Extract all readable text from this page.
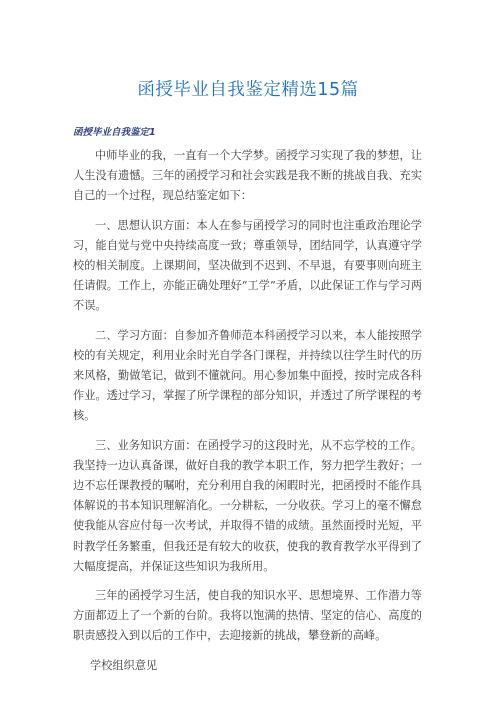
函授毕业自我鉴定精选15篇
函授毕业自我鉴定1

中师毕业的我，一直有一个大学梦。函授学习实现了我的梦想，让人生没有遗憾。三年的函授学习和社会实践是我不断的挑战自我、充实自己的一个过程，现总结鉴定如下：

一、思想认识方面：本人在参与函授学习的同时也注重政治理论学习，能自觉与党中央持续高度一致；尊重领导，团结同学，认真遵守学校的相关制度。上课期间，坚决做到不迟到、不早退，有要事则向班主任请假。工作上，亦能正确处理好“工学”矛盾，以此保证工作与学习两不误。

二、学习方面：自参加齐鲁师范本科函授学习以来，本人能按照学校的有关规定，利用业余时光自学各门课程，并持续以往学生时代的历来风格，勤做笔记，做到不懂就问。用心参加集中面授，按时完成各科作业。透过学习，掌握了所学课程的部分知识，并透过了所学课程的考核。

三、业务知识方面：在函授学习的这段时光，从不忘学校的工作。我坚持一边认真备课，做好自我的教学本职工作，努力把学生教好；一边不忘任课教授的嘱咐，充分利用自我的闲暇时光，把函授时不能作具体解说的书本知识理解消化。一分耕耘，一分收获。学习上的毫不懈怠使我能从容应付每一次考试，并取得不错的成绩。虽然面授时光短，平时教学任务繁重，但我还是有较大的收获，使我的教育教学水平得到了大幅度提高，并保证这些知识为我所用。

三年的函授学习生活，使自我的知识水平、思想境界、工作潜力等方面都迈上了一个新的台阶。我将以饱满的热情、坚定的信心、高度的职责感投入到以后的工作中，去迎接新的挑战，攀登新的高峰。

学校组织意见
